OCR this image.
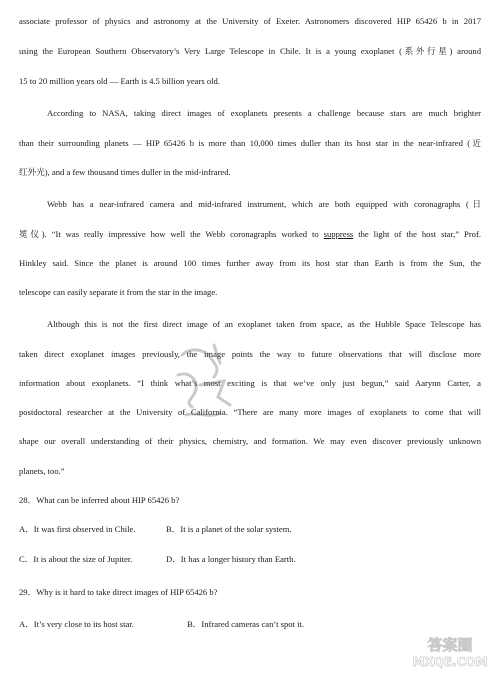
associate professor of physics and astronomy at the University of Exeter. Astronomers discovered HIP 65426 b in 2017
using the European Southern Observatory’s Very Large Telescope in Chile. It is a young exoplanet (系外行星) around
15 to 20 million years old — Earth is 4.5 billion years old.
According to NASA, taking direct images of exoplanets presents a challenge because stars are much brighter
than their surrounding planets — HIP 65426 b is more than 10,000 times duller than its host star in the near-infrared (近
红外光), and a few thousand times duller in the mid-infrared.
Webb has a near-infrared camera and mid-infrared instrument, which are both equipped with coronagraphs (日
冕仪). “It was really impressive how well the Webb coronagraphs worked to suppress the light of the host star,” Prof.
Hinkley said. Since the planet is around 100 times further away from its host star than Earth is from the Sun, the
telescope can easily separate it from the star in the image.
Although this is not the first direct image of an exoplanet taken from space, as the Hubble Space Telescope has
taken direct exoplanet images previously, the image points the way to future observations that will disclose more
information about exoplanets. “I think what’s most exciting is that we’ve only just begun,” said Aarynn Carter, a
postdoctoral researcher at the University of California. “There are many more images of exoplanets to come that will
shape our overall understanding of their physics, chemistry, and formation. We may even discover previously unknown
planets, too.”
28．What can be inferred about HIP 65426 b?
A．It was first observed in Chile.	B．It is a planet of the solar system.
C．It is about the size of Jupiter.	D．It has a longer history than Earth.
29．Why is it hard to take direct images of HIP 65426 b?
A．It’s very close to its host star.	B．Infrared cameras can’t spot it.
答案圈
MXQE.COM
